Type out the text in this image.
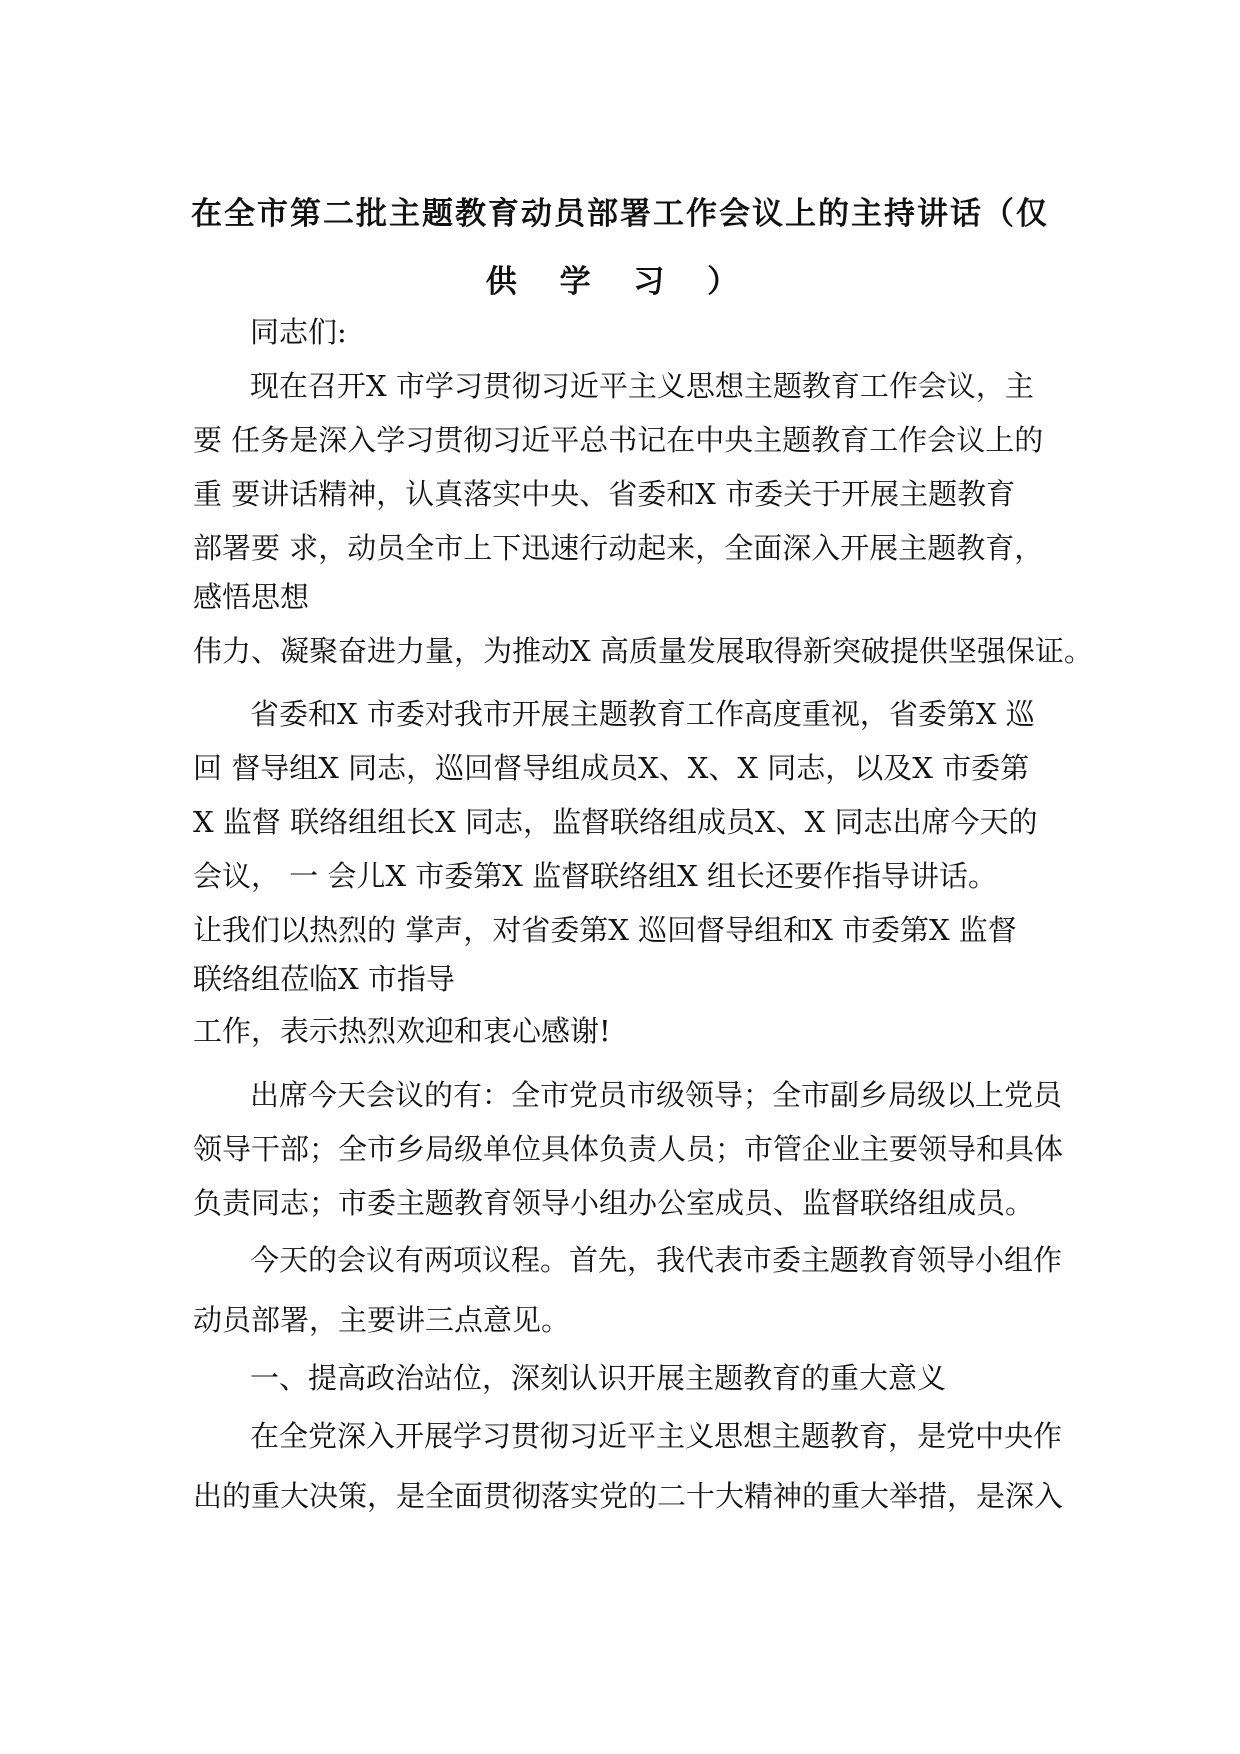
在全市第二批主题教育动员部署工作会议上的主持讲话（仅
供 学 习 ）
同志们:
现在召开X 市学习贯彻习近平主义思想主题教育工作会议，主
要 任务是深入学习贯彻习近平总书记在中央主题教育工作会议上的
重 要讲话精神，认真落实中央、省委和X 市委关于开展主题教育
部署要 求，动员全市上下迅速行动起来，全面深入开展主题教育，
感悟思想
伟力、凝聚奋进力量，为推动X 高质量发展取得新突破提供坚强保证。
省委和X 市委对我市开展主题教育工作高度重视，省委第X 巡
回 督导组X 同志，巡回督导组成员X、X、X 同志，以及X 市委第
X 监督 联络组组长X 同志，监督联络组成员X、X 同志出席今天的
会议， 一 会儿X 市委第X 监督联络组X 组长还要作指导讲话。
让我们以热烈的 掌声，对省委第X 巡回督导组和X 市委第X 监督
联络组莅临X 市指导
工作，表示热烈欢迎和衷心感谢!
出席今天会议的有：全市党员市级领导；全市副乡局级以上党员
领导干部；全市乡局级单位具体负责人员；市管企业主要领导和具体
负责同志；市委主题教育领导小组办公室成员、监督联络组成员。
今天的会议有两项议程。首先，我代表市委主题教育领导小组作
动员部署，主要讲三点意见。
一、提高政治站位，深刻认识开展主题教育的重大意义
在全党深入开展学习贯彻习近平主义思想主题教育，是党中央作
出的重大决策，是全面贯彻落实党的二十大精神的重大举措，是深入
